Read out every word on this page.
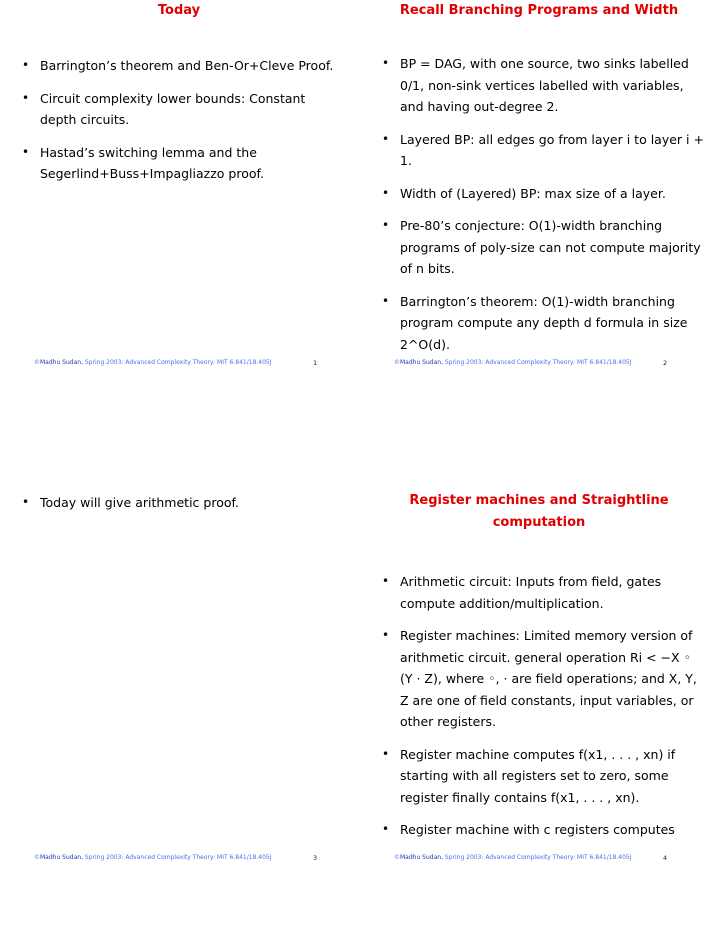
Today
• Barrington’s theorem and Ben-Or+Cleve Proof.
• Circuit complexity lower bounds: Constant depth circuits.
• Hastad’s switching lemma and the Segerlind+Buss+Impagliazzo proof.
©Madhu Sudan, Spring 2003: Advanced Complexity Theory: MIT 6.841/18.405J	1
Recall Branching Programs and Width
• BP = DAG, with one source, two sinks labelled 0/1, non-sink vertices labelled with variables, and having out-degree 2.
• Layered BP: all edges go from layer i to layer i + 1.
• Width of (Layered) BP: max size of a layer.
• Pre-80’s conjecture: O(1)-width branching programs of poly-size can not compute majority of n bits.
• Barrington’s theorem: O(1)-width branching program compute any depth d formula in size 2^O(d).
©Madhu Sudan, Spring 2003: Advanced Complexity Theory: MIT 6.841/18.405J	2
• Today will give arithmetic proof.
©Madhu Sudan, Spring 2003: Advanced Complexity Theory: MIT 6.841/18.405J	3
Register machines and Straightline computation
• Arithmetic circuit: Inputs from field, gates compute addition/multiplication.
• Register machines: Limited memory version of arithmetic circuit. general operation Ri < −X ◦ (Y · Z), where ◦, · are field operations; and X, Y, Z are one of field constants, input variables, or other registers.
• Register machine computes f(x1, . . . , xn) if starting with all registers set to zero, some register finally contains f(x1, . . . , xn).
• Register machine with c registers computes
©Madhu Sudan, Spring 2003: Advanced Complexity Theory: MIT 6.841/18.405J	4
